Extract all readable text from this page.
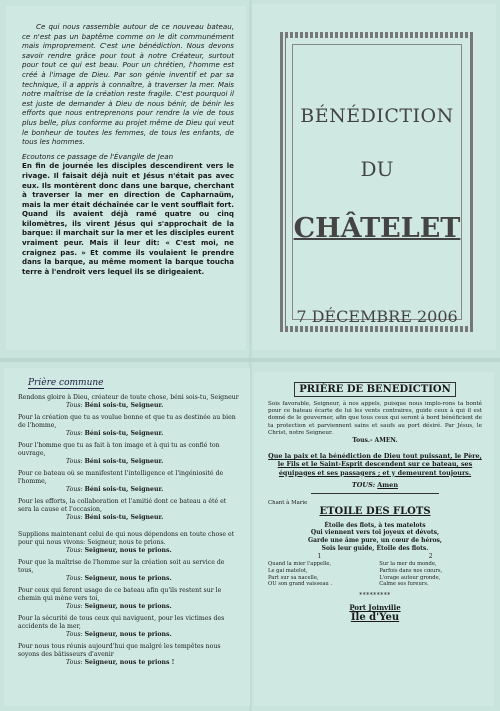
Ce qui nous rassemble autour de ce nouveau bateau, ce n'est pas un baptême comme on le dit communément mais improprement. C'est une bénédiction. Nous devons savoir rendre grâce pour tout à notre Créateur, surtout pour tout ce qui est beau. Pour un chrétien, l'homme est créé à l'image de Dieu. Par son génie inventif et par sa technique, il a appris à connaître, à traverser la mer. Mais notre maîtrise de la création reste fragile. C'est pourquoi il est juste de demander à Dieu de nous bénir, de bénir les efforts que nous entreprenons pour rendre la vie de tous plus belle, plus conforme au projet même de Dieu qui veut le bonheur de toutes les femmes, de tous les enfants, de tous les hommes.

Ecoutons ce passage de l'Évangile de Jean
En fin de journée les disciples descendirent vers le rivage. Il faisait déjà nuit et Jésus n'était pas avec eux. Ils montèrent donc dans une barque, cherchant à traverser la mer en direction de Capharnaüm, mais la mer était déchaînée car le vent soufflait fort. Quand ils avaient déjà ramé quatre ou cinq kilomètres, ils virent Jésus qui s'approchait de la barque: il marchait sur la mer et les disciples eurent vraiment peur. Mais il leur dit: « C'est moi, ne craignez pas. » Et comme ils voulaient le prendre dans la barque, au même moment la barque toucha terre à l'endroit vers lequel ils se dirigeaient.
BÉNÉDICTION
DU
CHÂTELET
7 DÉCEMBRE 2006
Prière commune
Rendons gloire à Dieu, créateur de toute chose, béni sois-tu, Seigneur
Tous: Béni sois-tu, Seigneur.
Pour la création que tu as voulue bonne et que tu as destinée au bien de l'homme,
Tous: Béni sois-tu, Seigneur.
Pour l'homme que tu as fait à ton image et à qui tu as confié ton ouvrage,
Tous: Béni sois-tu, Seigneur.
Pour ce bateau où se manifestent l'intelligence et l'ingéniosité de l'homme,
Tous: Béni sois-tu, Seigneur.
Pour les efforts, la collaboration et l'amitié dont ce bateau a été et sera la cause et l'occasion,
Tous: Béni sois-tu, Seigneur.
Supplions maintenant celui de qui nous dépendons en toute chose et pour qui nous vivons: Seigneur, nous te prions.
Tous: Seigneur, nous te prions.
Pour que la maîtrise de l'homme sur la création soit au service de tous,
Tous: Seigneur, nous te prions.
Pour ceux qui feront usage de ce bateau afin qu'ils restent sur le chemin qui mène vers toi,
Tous: Seigneur, nous te prions.
Pour la sécurité de tous ceux qui naviguent, pour les victimes des accidents de la mer,
Tous: Seigneur, nous te prions.
Pour nous tous réunis aujourd'hui que malgré les tempêtes nous soyons des bâtisseurs d'avenir
Tous: Seigneur, nous te prions !
PRIÈRE DE BENEDICTION
Sois favorable, Seigneur, à nos appels, puisque nous implo-rons ta bonté pour ce bateau écarte de lui les vents contraires, guide ceux à qui il est donné de le gouverner, afin que tous ceux qui seront à bord bénéficient de ta protection et parviennent sains et saufs au port désiré. Par Jésus, le Christ, notre Seigneur.
Tous.- AMEN.
Que la paix et la bénédiction de Dieu tout puissant, le Père, le Fils et le Saint-Esprit descendent sur ce bateau, ses équipages et ses passagers ; et y demeurent toujours.
TOUS: Amen
Chant à Marie
ETOILE DES FLOTS
Étoile des flots, à tes matelots
Qui viennent vers toi joyeux et dévots,
Garde une âme pure, un cœur de héros,
Sois leur guide, Étoile des flots.
1
Quand la mier l'appelle,
Le gai matelot,
Part sur sa nacelle,
OU son grand vaisseau .
2
Sur la mer du monde,
Parfois dans nos cœurs,
L'orage autour gronde,
Calme ses fureurs.
*********
Port Joinville
Île d'Yeu
